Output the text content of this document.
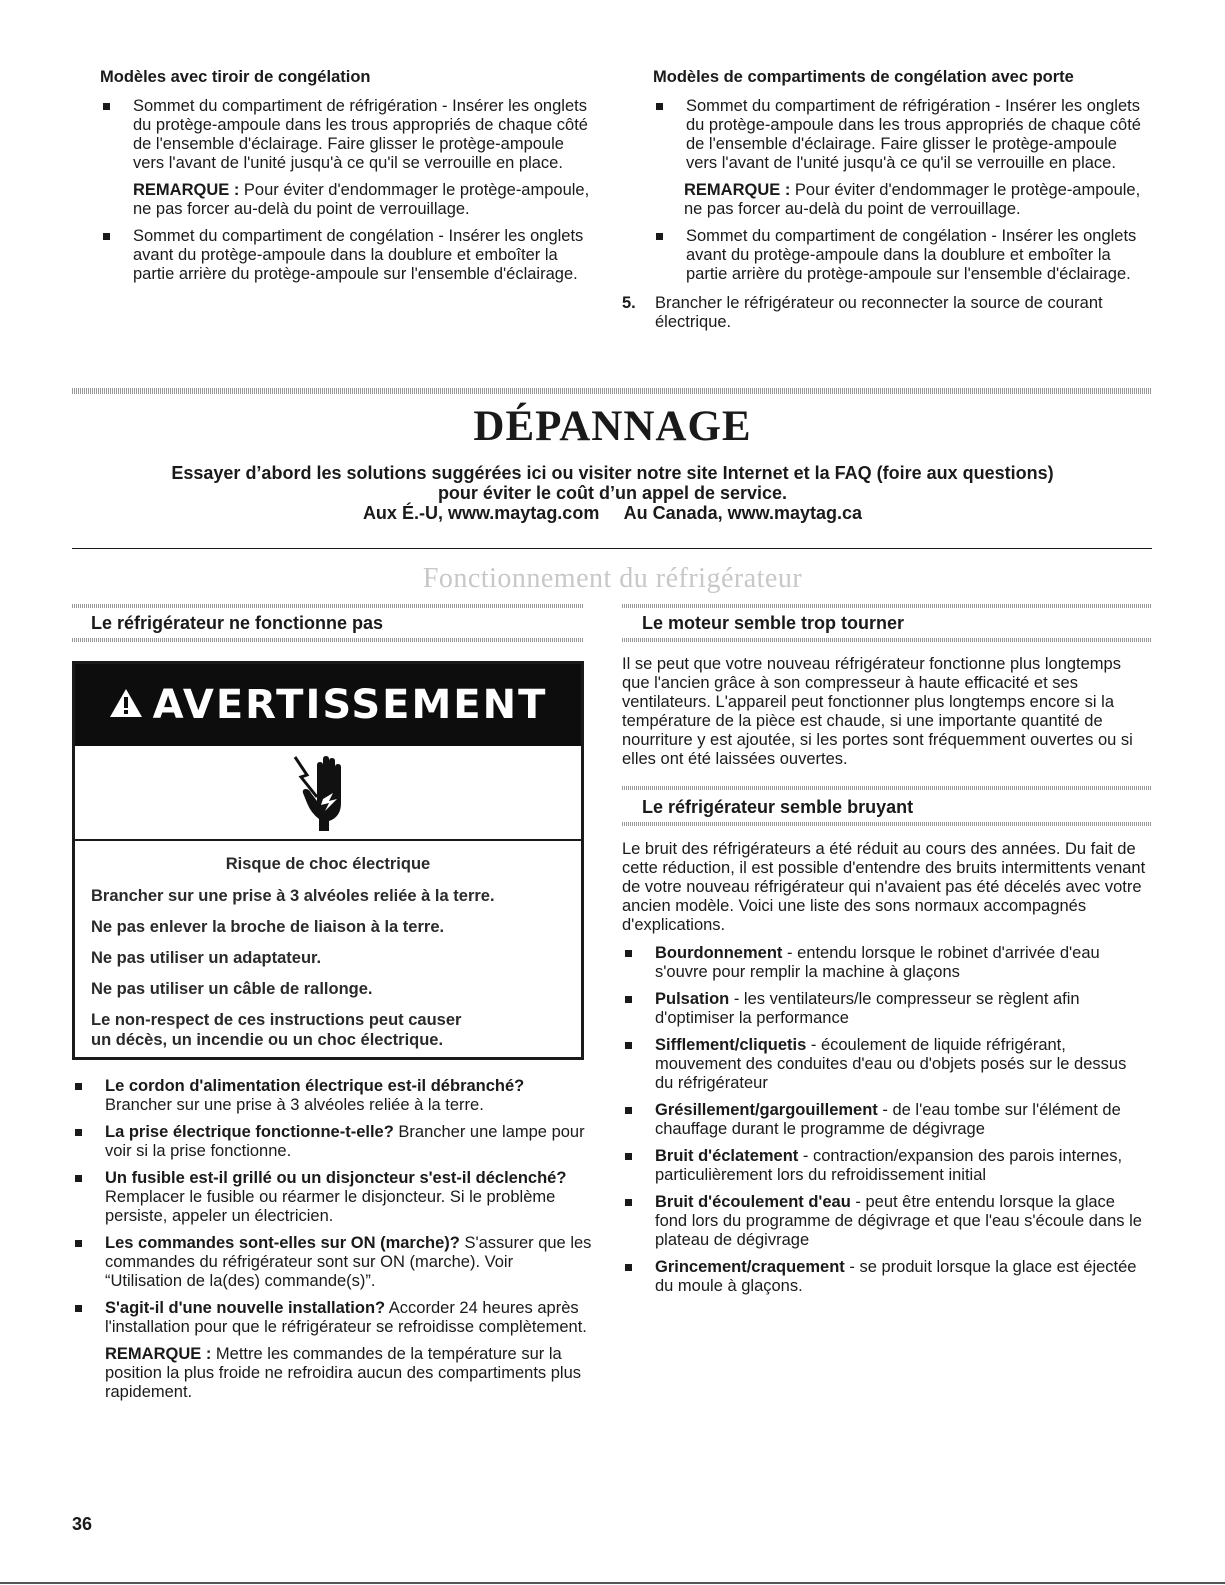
Modèles avec tiroir de congélation
Sommet du compartiment de réfrigération - Insérer les onglets du protège-ampoule dans les trous appropriés de chaque côté de l'ensemble d'éclairage. Faire glisser le protège-ampoule vers l'avant de l'unité jusqu'à ce qu'il se verrouille en place.
REMARQUE : Pour éviter d'endommager le protège-ampoule, ne pas forcer au-delà du point de verrouillage.
Sommet du compartiment de congélation - Insérer les onglets avant du protège-ampoule dans la doublure et emboîter la partie arrière du protège-ampoule sur l'ensemble d'éclairage.
Modèles de compartiments de congélation avec porte
Sommet du compartiment de réfrigération - Insérer les onglets du protège-ampoule dans les trous appropriés de chaque côté de l'ensemble d'éclairage. Faire glisser le protège-ampoule vers l'avant de l'unité jusqu'à ce qu'il se verrouille en place.
REMARQUE : Pour éviter d'endommager le protège-ampoule, ne pas forcer au-delà du point de verrouillage.
Sommet du compartiment de congélation - Insérer les onglets avant du protège-ampoule dans la doublure et emboîter la partie arrière du protège-ampoule sur l'ensemble d'éclairage.
5. Brancher le réfrigérateur ou reconnecter la source de courant électrique.
DÉPANNAGE
Essayer d’abord les solutions suggérées ici ou visiter notre site Internet et la FAQ (foire aux questions)
pour éviter le coût d’un appel de service.
Aux É.-U, www.maytag.com     Au Canada, www.maytag.ca
Fonctionnement du réfrigérateur
Le réfrigérateur ne fonctionne pas
AVERTISSEMENT
Risque de choc électrique

Brancher sur une prise à 3 alvéoles reliée à la terre.

Ne pas enlever la broche de liaison à la terre.

Ne pas utiliser un adaptateur.

Ne pas utiliser un câble de rallonge.

Le non-respect de ces instructions peut causer
un décès, un incendie ou un choc électrique.

Le cordon d'alimentation électrique est-il débranché? Brancher sur une prise à 3 alvéoles reliée à la terre.
La prise électrique fonctionne-t-elle? Brancher une lampe pour voir si la prise fonctionne.
Un fusible est-il grillé ou un disjoncteur s'est-il déclenché? Remplacer le fusible ou réarmer le disjoncteur. Si le problème persiste, appeler un électricien.
Les commandes sont-elles sur ON (marche)? S'assurer que les commandes du réfrigérateur sont sur ON (marche). Voir “Utilisation de la(des) commande(s)”.
S'agit-il d'une nouvelle installation? Accorder 24 heures après l'installation pour que le réfrigérateur se refroidisse complètement.
REMARQUE : Mettre les commandes de la température sur la position la plus froide ne refroidira aucun des compartiments plus rapidement.
Le moteur semble trop tourner

Il se peut que votre nouveau réfrigérateur fonctionne plus longtemps que l'ancien grâce à son compresseur à haute efficacité et ses ventilateurs. L'appareil peut fonctionner plus longtemps encore si la température de la pièce est chaude, si une importante quantité de nourriture y est ajoutée, si les portes sont fréquemment ouvertes ou si elles ont été laissées ouvertes.

Le réfrigérateur semble bruyant

Le bruit des réfrigérateurs a été réduit au cours des années. Du fait de cette réduction, il est possible d'entendre des bruits intermittents venant de votre nouveau réfrigérateur qui n'avaient pas été décelés avec votre ancien modèle. Voici une liste des sons normaux accompagnés d'explications.

Bourdonnement - entendu lorsque le robinet d'arrivée d'eau s'ouvre pour remplir la machine à glaçons
Pulsation - les ventilateurs/le compresseur se règlent afin d'optimiser la performance
Sifflement/cliquetis - écoulement de liquide réfrigérant, mouvement des conduites d'eau ou d'objets posés sur le dessus du réfrigérateur
Grésillement/gargouillement - de l'eau tombe sur l'élément de chauffage durant le programme de dégivrage
Bruit d'éclatement - contraction/expansion des parois internes, particulièrement lors du refroidissement initial
Bruit d'écoulement d'eau - peut être entendu lorsque la glace fond lors du programme de dégivrage et que l'eau s'écoule dans le plateau de dégivrage
Grincement/craquement - se produit lorsque la glace est éjectée du moule à glaçons.
36
